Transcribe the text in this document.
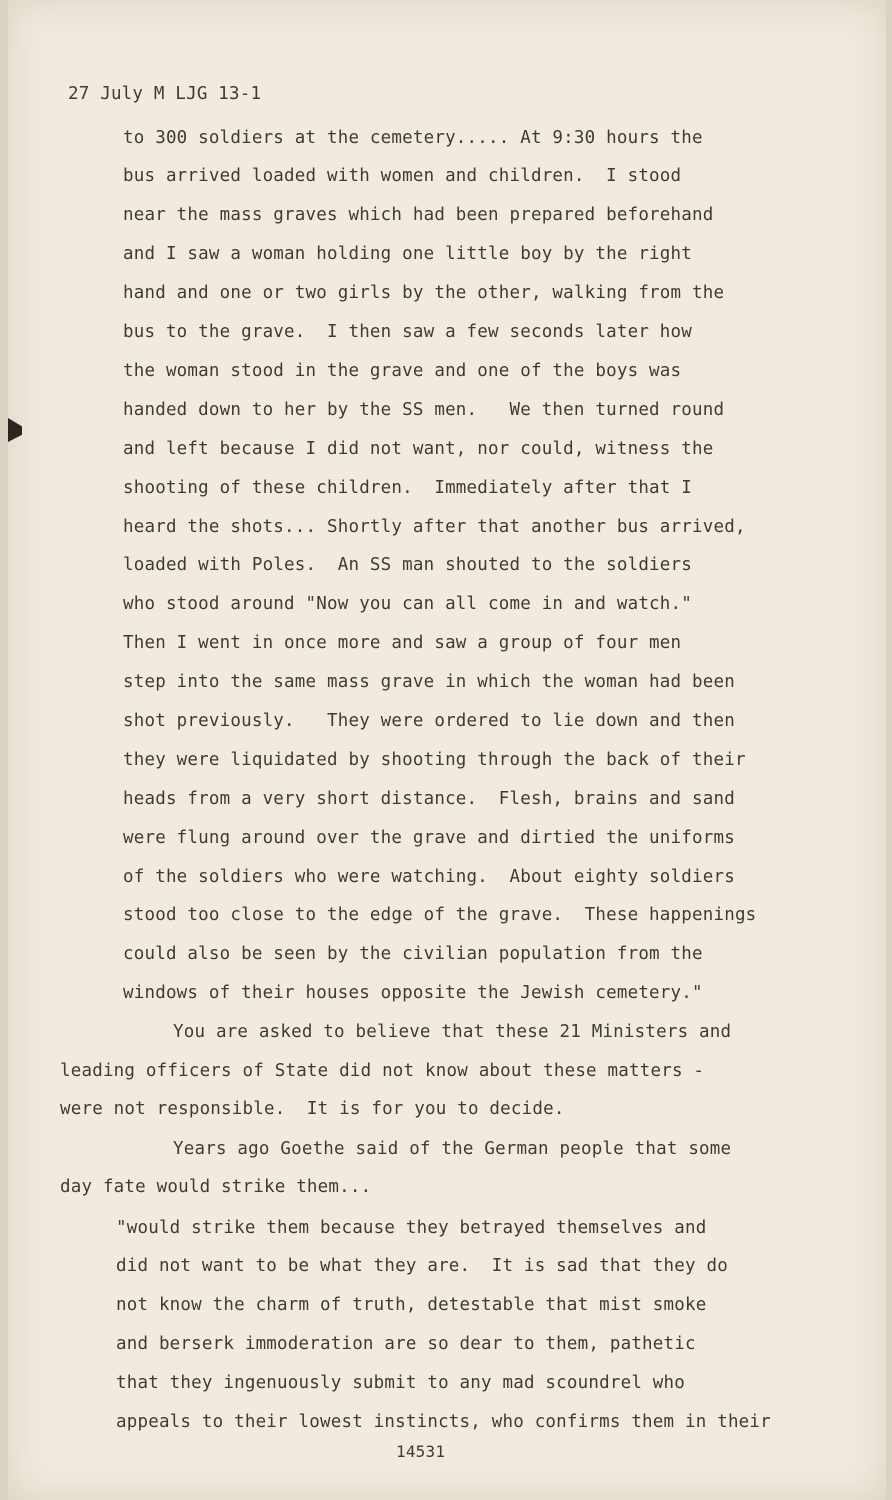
27 July M LJG 13-1
to 300 soldiers at the cemetery..... At 9:30 hours the
bus arrived loaded with women and children.  I stood
near the mass graves which had been prepared beforehand
and I saw a woman holding one little boy by the right
hand and one or two girls by the other, walking from the
bus to the grave.  I then saw a few seconds later how
the woman stood in the grave and one of the boys was
handed down to her by the SS men.   We then turned round
and left because I did not want, nor could, witness the
shooting of these children.  Immediately after that I
heard the shots... Shortly after that another bus arrived,
loaded with Poles.  An SS man shouted to the soldiers
who stood around "Now you can all come in and watch."
Then I went in once more and saw a group of four men
step into the same mass grave in which the woman had been
shot previously.   They were ordered to lie down and then
they were liquidated by shooting through the back of their
heads from a very short distance.  Flesh, brains and sand
were flung around over the grave and dirtied the uniforms
of the soldiers who were watching.  About eighty soldiers
stood too close to the edge of the grave.  These happenings
could also be seen by the civilian population from the
windows of their houses opposite the Jewish cemetery."
You are asked to believe that these 21 Ministers and
leading officers of State did not know about these matters -
were not responsible.  It is for you to decide.
Years ago Goethe said of the German people that some
day fate would strike them...
"would strike them because they betrayed themselves and
did not want to be what they are.  It is sad that they do
not know the charm of truth, detestable that mist smoke
and berserk immoderation are so dear to them, pathetic
that they ingenuously submit to any mad scoundrel who
appeals to their lowest instincts, who confirms them in their
14531
